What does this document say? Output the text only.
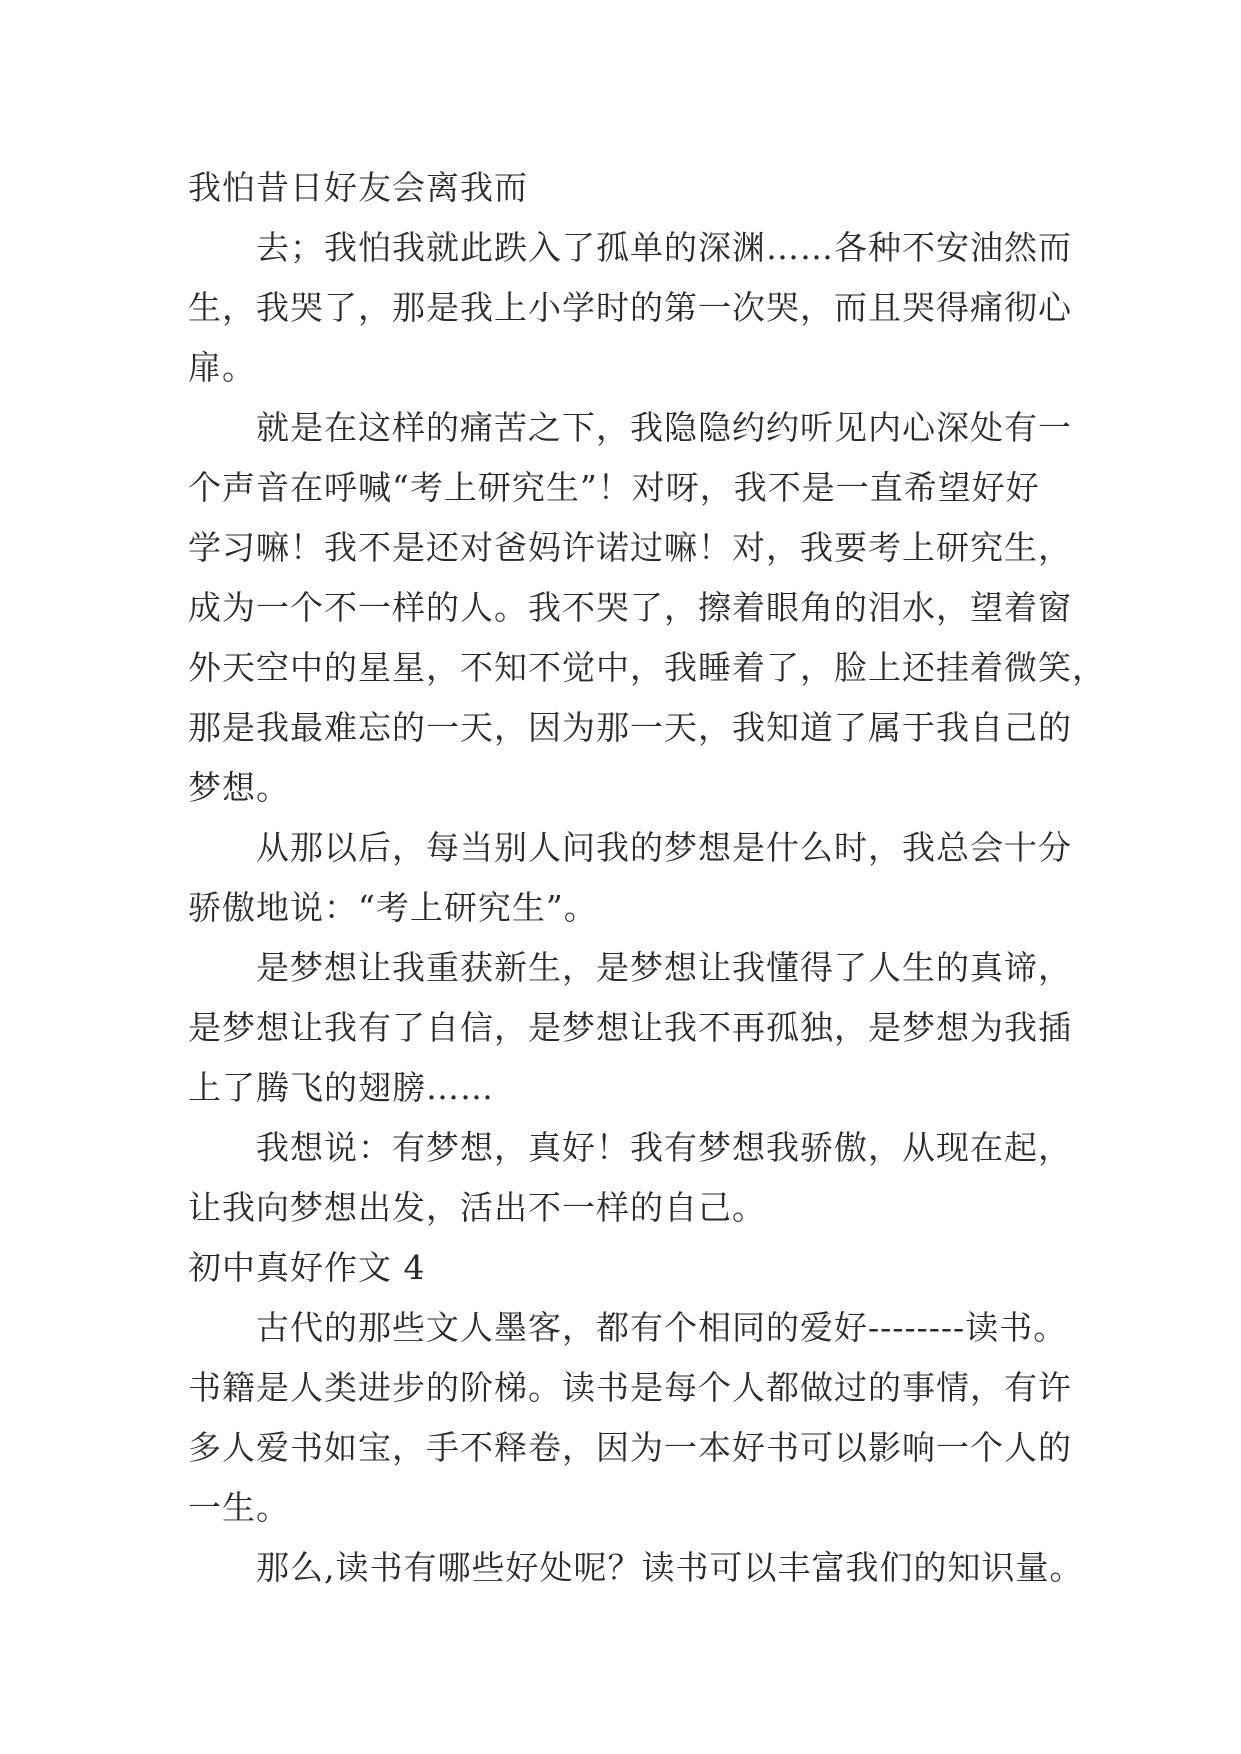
我怕昔日好友会离我而
去；我怕我就此跌入了孤单的深渊……各种不安油然而
生，我哭了，那是我上小学时的第一次哭，而且哭得痛彻心
扉。
就是在这样的痛苦之下，我隐隐约约听见内心深处有一
个声音在呼喊“考上研究生”！对呀，我不是一直希望好好
学习嘛！我不是还对爸妈许诺过嘛！对，我要考上研究生，
成为一个不一样的人。我不哭了，擦着眼角的泪水，望着窗
外天空中的星星，不知不觉中，我睡着了，脸上还挂着微笑，
那是我最难忘的一天，因为那一天，我知道了属于我自己的
梦想。
从那以后，每当别人问我的梦想是什么时，我总会十分
骄傲地说：“考上研究生”。
是梦想让我重获新生，是梦想让我懂得了人生的真谛，
是梦想让我有了自信，是梦想让我不再孤独，是梦想为我插
上了腾飞的翅膀……
我想说：有梦想，真好！我有梦想我骄傲，从现在起，
让我向梦想出发，活出不一样的自己。
初中真好作文 4
古代的那些文人墨客，都有个相同的爱好--------读书。
书籍是人类进步的阶梯。读书是每个人都做过的事情，有许
多人爱书如宝，手不释卷，因为一本好书可以影响一个人的
一生。
那么,读书有哪些好处呢？读书可以丰富我们的知识量。
